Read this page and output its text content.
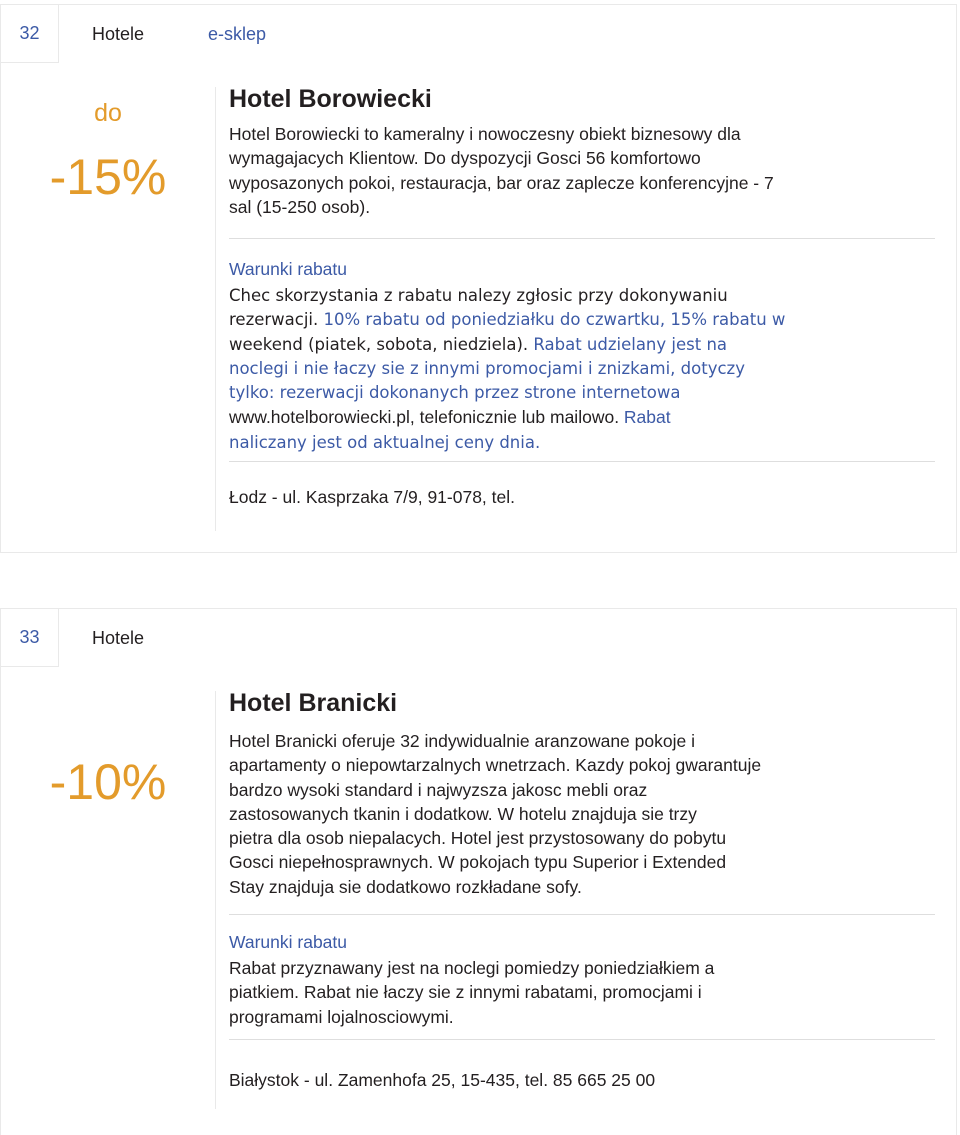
32	Hotele	e-sklep
do
-15%
Hotel Borowiecki

Hotel Borowiecki to kameralny i nowoczesny obiekt biznesowy dla wymagajacych Klientow. Do dyspozycji Gosci 56 komfortowo wyposazonych pokoi, restauracja, bar oraz zaplecze konferencyjne - 7 sal (15-250 osob).

Warunki rabatu

Chec skorzystania z rabatu nalezy zgłosic przy dokonywaniu
rezerwacji. 10% rabatu od poniedziałku do czwartku, 15% rabatu w
weekend (piatek, sobota, niedziela). Rabat udzielany jest na
noclegi i nie łaczy sie z innymi promocjami i znizkami, dotyczy
tylko: rezerwacji dokonanych przez strone internetowa
www.hotelborowiecki.pl, telefonicznie lub mailowo. Rabat
naliczany jest od aktualnej ceny dnia.
Łodz - ul. Kasprzaka 7/9, 91-078, tel.
33	Hotele
-10%
Hotel Branicki
Hotel Branicki oferuje 32 indywidualnie aranzowane pokoje i
apartamenty o niepowtarzalnych wnetrzach. Kazdy pokoj gwarantuje
bardzo wysoki standard i najwyzsza jakosc mebli oraz
zastosowanych tkanin i dodatkow. W hotelu znajduja sie trzy
pietra dla osob niepalacych. Hotel jest przystosowany do pobytu
Gosci niepełnosprawnych. W pokojach typu Superior i Extended
Stay znajduja sie dodatkowo rozkładane sofy.

Warunki rabatu

Rabat przyznawany jest na noclegi pomiedzy poniedziałkiem a
piatkiem. Rabat nie łaczy sie z innymi rabatami, promocjami i
programami lojalnosciowymi.
Białystok - ul. Zamenhofa 25, 15-435, tel. 85 665 25 00
